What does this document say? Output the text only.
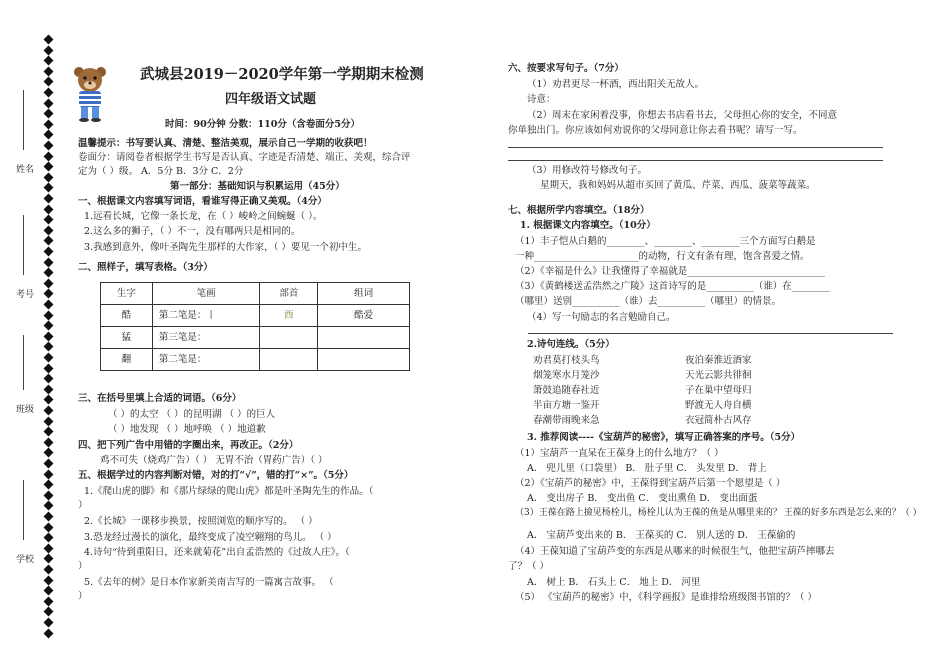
姓名
考号
班级
学校
武城县2019－2020学年第一学期期末检测
四年级语文试题
时间：90分钟 分数：110分（含卷面分5分）
温馨提示：书写要认真、清楚、整洁美观，展示自己一学期的收获吧！
卷面分：请阅卷者根据学生书写是否认真、字迹是否清楚、端正、美观，综合评
定为（ ）级。 A．5分 B．3分 C．2分
第一部分：基础知识与积累运用（45分）
一、根据课文内容填写词语，看谁写得正确又美观。（4分）
1.远看长城，它像一条长龙，在（ ）峻岭之间蜿蜒（ ）。
2.这么多的狮子，（ ）不一，没有哪两只是相同的。
3.我感到意外，像叶圣陶先生那样的大作家，（ ）要见一个初中生。
二、照样子，填写表格。（3分）
生字	笔画	部首	组词
酷	第二笔是：丨	酉	酷爱
猛	第三笔是：		
翻	第二笔是：		
三、在括号里填上合适的词语。（6分）
（ ）的太空 （ ）的昆明湖 （ ）的巨人
（ ）地发现 （ ）地呼唤 （ ）地道歉
四、把下列广告中用错的字圈出来，再改正。（2分）
鸡不可失（烧鸡广告）（ ） 无胃不治（胃药广告）（ ）
五、根据学过的内容判断对错，对的打“√”，错的打“×”。（5分）
1.《爬山虎的脚》和《那片绿绿的爬山虎》都是叶圣陶先生的作品。（
）
2.《长城》一课移步换景，按照浏览的顺序写的。 （ ）
3.恐龙经过漫长的演化，最终变成了凌空翱翔的鸟儿。 （ ）
4.诗句“待到重阳日，还来就菊花”出自孟浩然的《过故人庄》。（
）
5.《去年的树》是日本作家新美南吉写的一篇寓言故事。 （
）
六、按要求写句子。（7分）
（1）劝君更尽一杯酒，西出阳关无故人。
诗意：
（2）周末在家闲着没事，你想去书店看书去，父母担心你的安全，不同意
你单独出门。你应该如何劝说你的父母同意让你去看书呢？请写一写。
（3）用修改符号修改句子。
星期天，我和妈妈从超市买回了黄瓜、芹菜、西瓜、菠菜等蔬菜。
七、根据所学内容填空。（18分）
1. 根据课文内容填空。（10分）
（1）丰子恺从白鹅的________、________、________三个方面写白鹅是
一种______________________的动物，行文有条有理，饱含喜爱之情。
（2）《幸福是什么》让我懂得了幸福就是_____________________________
（3）《黄鹤楼送孟浩然之广陵》这首诗写的是__________（谁）在________
（哪里）送别__________（谁）去__________（哪里）的情景。
（4）写一句励志的名言勉励自己。
2.诗句连线。（5分）
劝君莫打枝头鸟
烟笼寒水月笼沙
箫鼓追随春社近
半亩方塘一鉴开
春潮带雨晚来急
夜泊秦淮近酒家
天光云影共徘徊
子在巢中望母归
野渡无人舟自横
衣冠简朴古风存
3. 推荐阅读----《宝葫芦的秘密》，填写正确答案的序号。（5分）
（1）宝葫芦一直呆在王葆身上的什么地方？（ ）
A． 兜儿里（口袋里） B． 肚子里 C． 头发里 D． 背上
（2）《宝葫芦的秘密》中，王葆得到宝葫芦后第一个愿望是（ ）
A． 变出房子 B． 变出鱼 C． 变出熏鱼 D． 变出面蛋
（3）王葆在路上撿见杨栓儿，杨栓儿认为王葆的鱼是从哪里来的？ 王葆的好多东西是怎么来的？（ ）
A． 宝葫芦变出来的 B． 王葆买的 C． 别人送的 D． 王葆偷的
（4）王葆知道了宝葫芦变的东西是从哪来的时候很生气，他把宝葫芦摔哪去
了？（ ）
A． 树上 B． 石头上 C． 地上 D． 河里
（5） 《宝葫芦的秘密》中，《科学画报》是谁排给班级图书馆的？（ ）
